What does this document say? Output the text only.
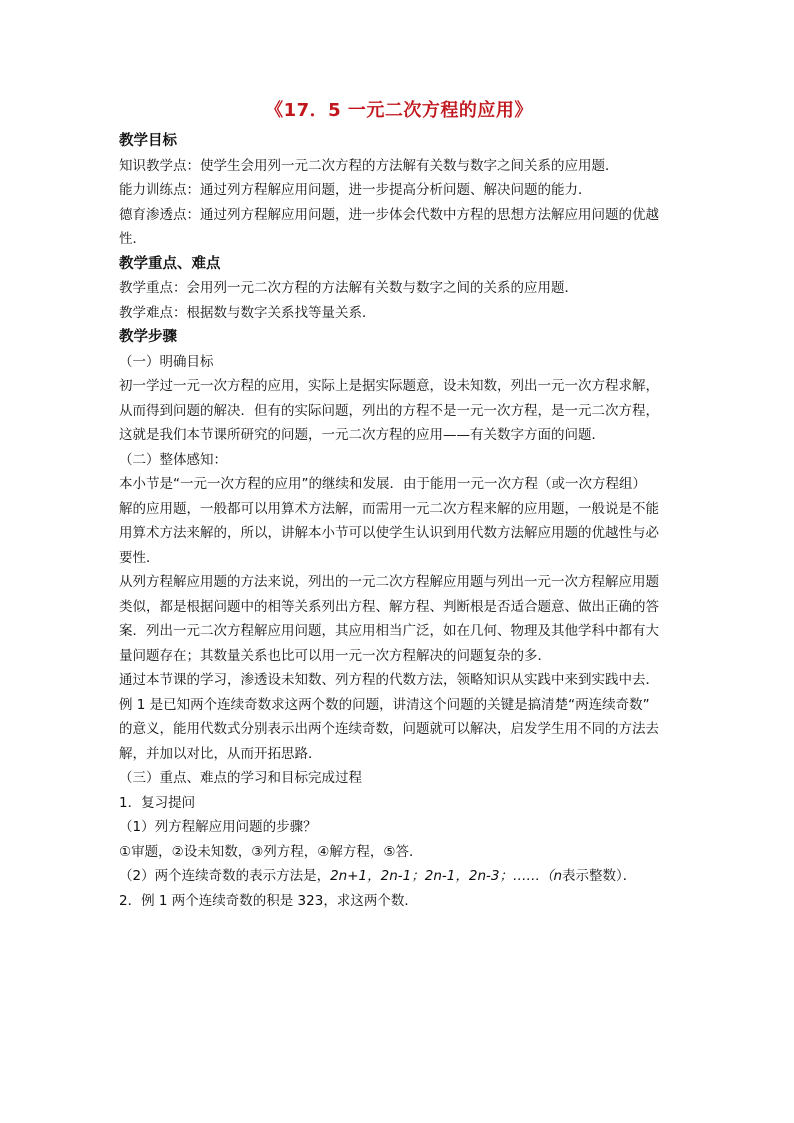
《17．5 一元二次方程的应用》
教学目标
知识教学点：使学生会用列一元二次方程的方法解有关数与数字之间关系的应用题．
能力训练点：通过列方程解应用问题，进一步提高分析问题、解决问题的能力．
德育渗透点：通过列方程解应用问题，进一步体会代数中方程的思想方法解应用问题的优越
性．
教学重点、难点
教学重点：会用列一元二次方程的方法解有关数与数字之间的关系的应用题．
教学难点：根据数与数字关系找等量关系．
教学步骤
（一）明确目标
初一学过一元一次方程的应用，实际上是据实际题意，设未知数，列出一元一次方程求解，
从而得到问题的解决．但有的实际问题，列出的方程不是一元一次方程，是一元二次方程，
这就是我们本节课所研究的问题，一元二次方程的应用——有关数字方面的问题．
（二）整体感知：
本小节是“一元一次方程的应用”的继续和发展．由于能用一元一次方程（或一次方程组）
解的应用题，一般都可以用算术方法解，而需用一元二次方程来解的应用题，一般说是不能
用算术方法来解的，所以，讲解本小节可以使学生认识到用代数方法解应用题的优越性与必
要性．
从列方程解应用题的方法来说，列出的一元二次方程解应用题与列出一元一次方程解应用题
类似，都是根据问题中的相等关系列出方程、解方程、判断根是否适合题意、做出正确的答
案．列出一元二次方程解应用问题，其应用相当广泛，如在几何、物理及其他学科中都有大
量问题存在；其数量关系也比可以用一元一次方程解决的问题复杂的多．
通过本节课的学习，渗透设未知数、列方程的代数方法，领略知识从实践中来到实践中去．
例 1 是已知两个连续奇数求这两个数的问题，讲清这个问题的关键是搞清楚“两连续奇数”
的意义，能用代数式分别表示出两个连续奇数，问题就可以解决，启发学生用不同的方法去
解，并加以对比，从而开拓思路．
（三）重点、难点的学习和目标完成过程
1．复习提问
（1）列方程解应用问题的步骤？
①审题，②设未知数，③列方程，④解方程，⑤答．
（2）两个连续奇数的表示方法是，2n+1，2n-1；2n-1，2n-3；……（n表示整数）．
2．例 1 两个连续奇数的积是 323，求这两个数．
